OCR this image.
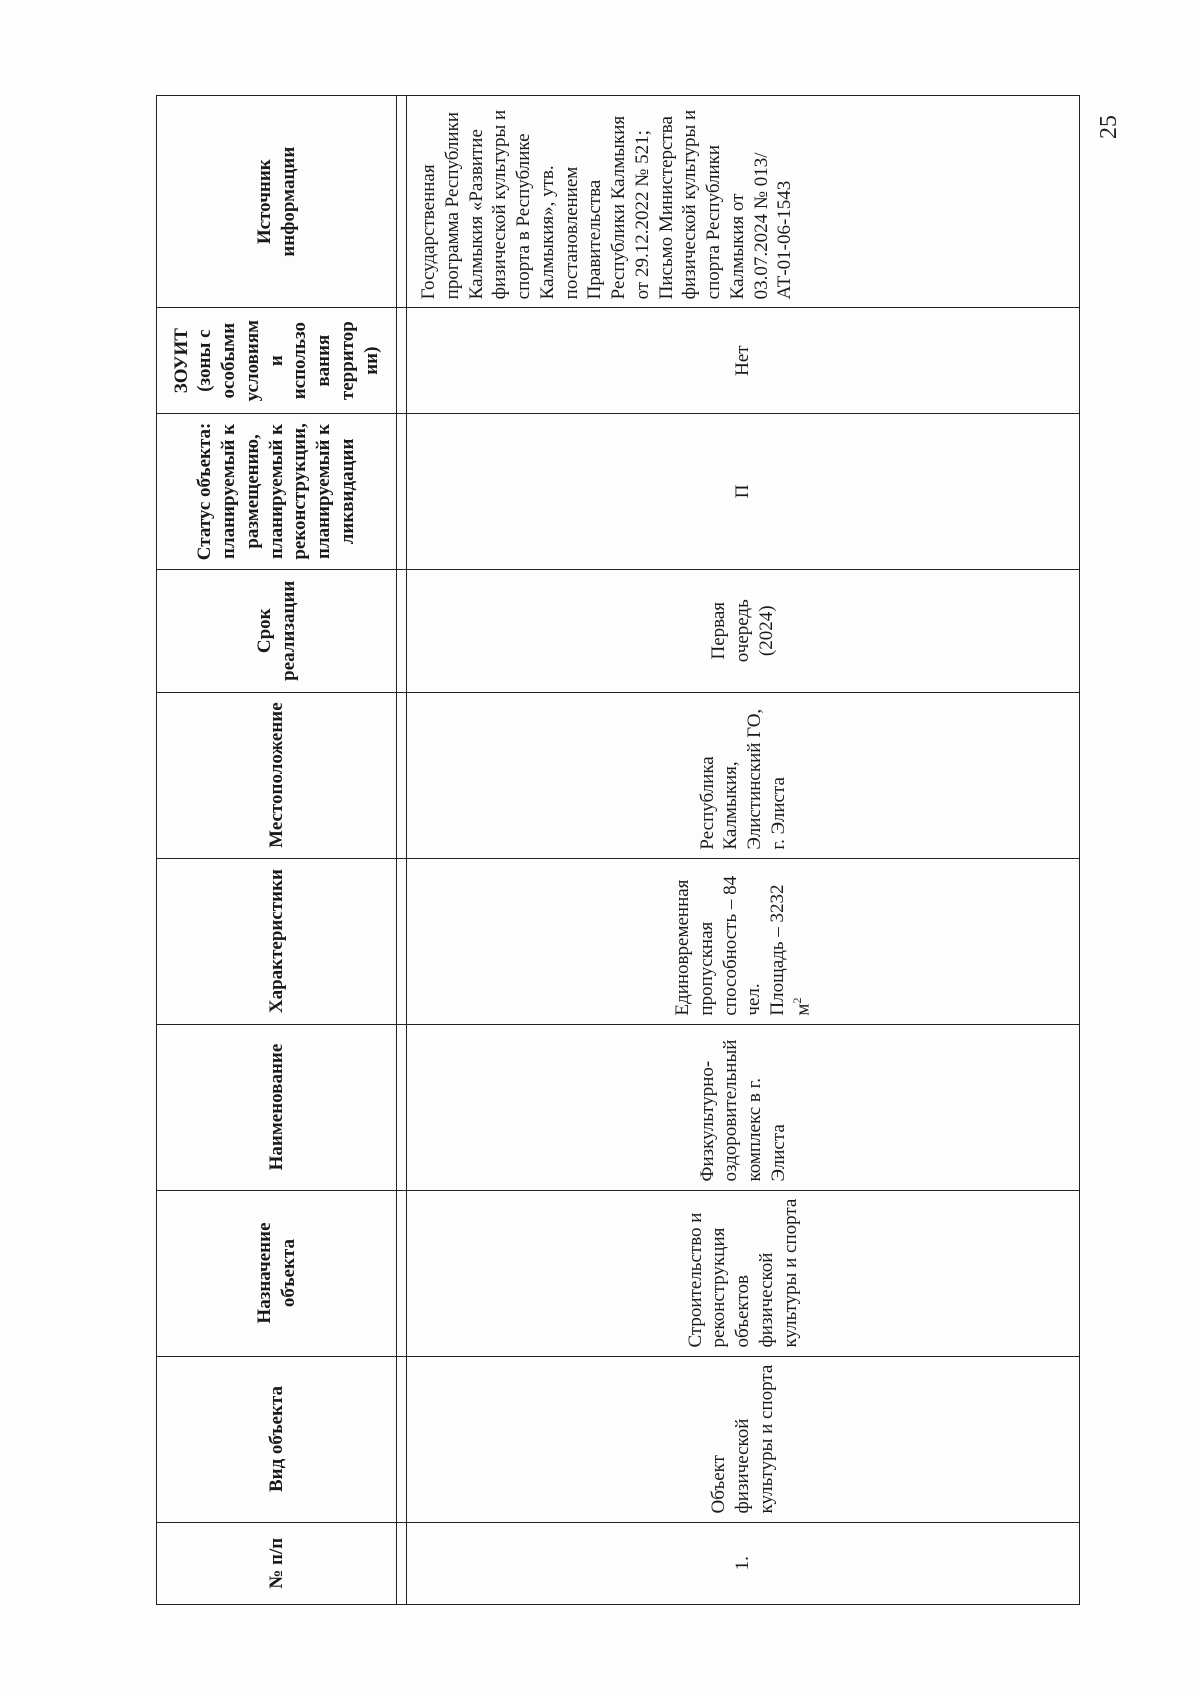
25
№ п/п	Вид объекта	Назначение объекта	Наименование	Характеристики	Местоположение	Срок реализации	Статус объекта: планируемый к размещению, планируемый к реконструкции, планируемый к ликвидации	ЗОУИТ (зоны с особыми условиям и использо вания территор ии)	Источник информации

1.	Объект физической культуры и спорта	Строительство и реконструкция объектов физической культуры и спорта	Физкультурно-оздоровительный комплекс в г. Элиста	Единовременная пропускная способность – 84 чел. Площадь – 3232 $м^2$	Республика Калмыкия, Элистинский ГО, г. Элиста	Первая очередь (2024)	П	Нет	Государственная программа Республики Калмыкия «Развитие физической культуры и спорта в Республике Калмыкия», утв. постановлением Правительства Республики Калмыкия от 29.12.2022 № 521; Письмо Министерства физической культуры и спорта Республики Калмыкия от 03.07.2024 № 013/АТ-01-06-1543
